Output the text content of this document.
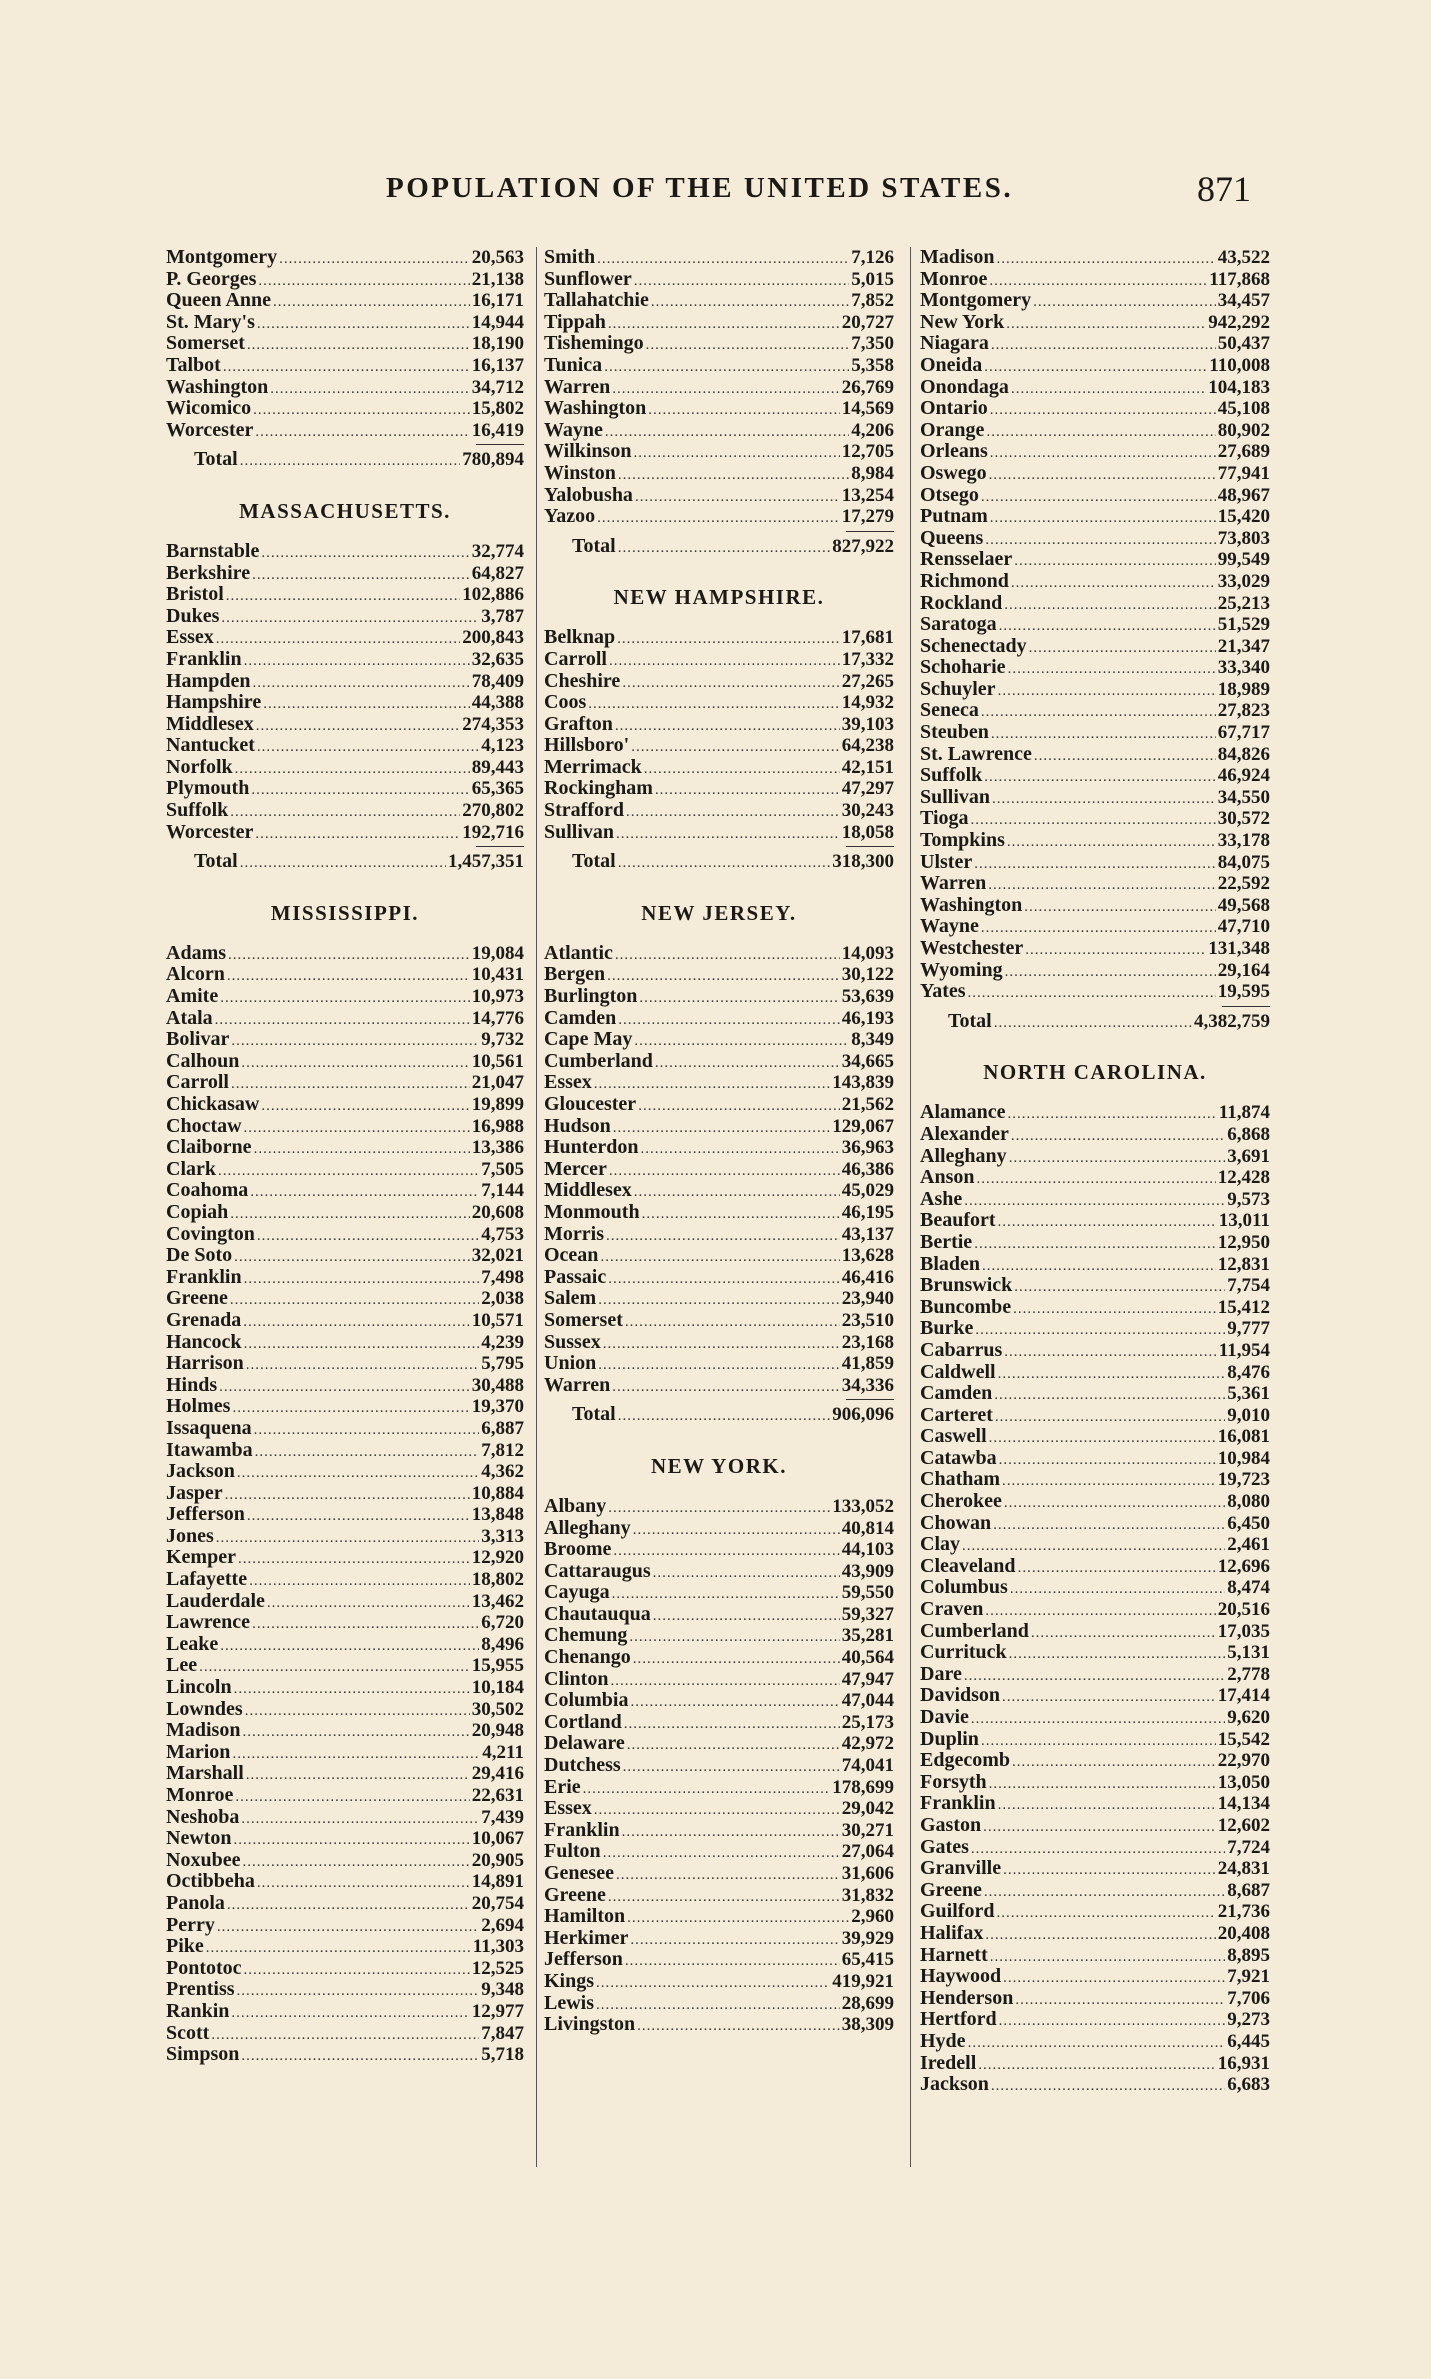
POPULATION OF THE UNITED STATES.	871
Montgomery .....	20,563
P. Georges .....	21,138
Queen Anne .....	16,171
St. Mary's .....	14,944
Somerset .....	18,190
Talbot .....	16,137
Washington .....	34,712
Wicomico .....	15,802
Worcester .....	16,419
Total .....	780,894
MASSACHUSETTS.
Barnstable .....	32,774
Berkshire .....	64,827
Bristol .....	102,886
Dukes .....	3,787
Essex .....	200,843
Franklin .....	32,635
Hampden .....	78,409
Hampshire .....	44,388
Middlesex .....	274,353
Nantucket .....	4,123
Norfolk .....	89,443
Plymouth .....	65,365
Suffolk .....	270,802
Worcester .....	192,716
Total .....	1,457,351
MISSISSIPPI.
Adams .....	19,084
Alcorn .....	10,431
Amite .....	10,973
Atala .....	14,776
Bolivar .....	9,732
Calhoun .....	10,561
Carroll .....	21,047
Chickasaw .....	19,899
Choctaw .....	16,988
Claiborne .....	13,386
Clark .....	7,505
Coahoma .....	7,144
Copiah .....	20,608
Covington .....	4,753
De Soto .....	32,021
Franklin .....	7,498
Greene .....	2,038
Grenada .....	10,571
Hancock .....	4,239
Harrison .....	5,795
Hinds .....	30,488
Holmes .....	19,370
Issaquena .....	6,887
Itawamba .....	7,812
Jackson .....	4,362
Jasper .....	10,884
Jefferson .....	13,848
Jones .....	3,313
Kemper .....	12,920
Lafayette .....	18,802
Lauderdale .....	13,462
Lawrence .....	6,720
Leake .....	8,496
Lee .....	15,955
Lincoln .....	10,184
Lowndes .....	30,502
Madison .....	20,948
Marion .....	4,211
Marshall .....	29,416
Monroe .....	22,631
Neshoba .....	7,439
Newton .....	10,067
Noxubee .....	20,905
Octibbeha .....	14,891
Panola .....	20,754
Perry .....	2,694
Pike .....	11,303
Pontotoc .....	12,525
Prentiss .....	9,348
Rankin .....	12,977
Scott .....	7,847
Simpson .....	5,718
Smith .....	7,126
Sunflower .....	5,015
Tallahatchie .....	7,852
Tippah .....	20,727
Tishemingo .....	7,350
Tunica .....	5,358
Warren .....	26,769
Washington .....	14,569
Wayne .....	4,206
Wilkinson .....	12,705
Winston .....	8,984
Yalobusha .....	13,254
Yazoo .....	17,279
Total .....	827,922
NEW HAMPSHIRE.
Belknap .....	17,681
Carroll .....	17,332
Cheshire .....	27,265
Coos .....	14,932
Grafton .....	39,103
Hillsboro' .....	64,238
Merrimack .....	42,151
Rockingham .....	47,297
Strafford .....	30,243
Sullivan .....	18,058
Total .....	318,300
NEW JERSEY.
Atlantic .....	14,093
Bergen .....	30,122
Burlington .....	53,639
Camden .....	46,193
Cape May .....	8,349
Cumberland .....	34,665
Essex .....	143,839
Gloucester .....	21,562
Hudson .....	129,067
Hunterdon .....	36,963
Mercer .....	46,386
Middlesex .....	45,029
Monmouth .....	46,195
Morris .....	43,137
Ocean .....	13,628
Passaic .....	46,416
Salem .....	23,940
Somerset .....	23,510
Sussex .....	23,168
Union .....	41,859
Warren .....	34,336
Total .....	906,096
NEW YORK.
Albany .....	133,052
Alleghany .....	40,814
Broome .....	44,103
Cattaraugus .....	43,909
Cayuga .....	59,550
Chautauqua .....	59,327
Chemung .....	35,281
Chenango .....	40,564
Clinton .....	47,947
Columbia .....	47,044
Cortland .....	25,173
Delaware .....	42,972
Dutchess .....	74,041
Erie .....	178,699
Essex .....	29,042
Franklin .....	30,271
Fulton .....	27,064
Genesee .....	31,606
Greene .....	31,832
Hamilton .....	2,960
Herkimer .....	39,929
Jefferson .....	65,415
Kings .....	419,921
Lewis .....	28,699
Livingston .....	38,309
Madison .....	43,522
Monroe .....	117,868
Montgomery .....	34,457
New York .....	942,292
Niagara .....	50,437
Oneida .....	110,008
Onondaga .....	104,183
Ontario .....	45,108
Orange .....	80,902
Orleans .....	27,689
Oswego .....	77,941
Otsego .....	48,967
Putnam .....	15,420
Queens .....	73,803
Rensselaer .....	99,549
Richmond .....	33,029
Rockland .....	25,213
Saratoga .....	51,529
Schenectady .....	21,347
Schoharie .....	33,340
Schuyler .....	18,989
Seneca .....	27,823
Steuben .....	67,717
St. Lawrence .....	84,826
Suffolk .....	46,924
Sullivan .....	34,550
Tioga .....	30,572
Tompkins .....	33,178
Ulster .....	84,075
Warren .....	22,592
Washington .....	49,568
Wayne .....	47,710
Westchester .....	131,348
Wyoming .....	29,164
Yates .....	19,595
Total .....	4,382,759
NORTH CAROLINA.
Alamance .....	11,874
Alexander .....	6,868
Alleghany .....	3,691
Anson .....	12,428
Ashe .....	9,573
Beaufort .....	13,011
Bertie .....	12,950
Bladen .....	12,831
Brunswick .....	7,754
Buncombe .....	15,412
Burke .....	9,777
Cabarrus .....	11,954
Caldwell .....	8,476
Camden .....	5,361
Carteret .....	9,010
Caswell .....	16,081
Catawba .....	10,984
Chatham .....	19,723
Cherokee .....	8,080
Chowan .....	6,450
Clay .....	2,461
Cleaveland .....	12,696
Columbus .....	8,474
Craven .....	20,516
Cumberland .....	17,035
Currituck .....	5,131
Dare .....	2,778
Davidson .....	17,414
Davie .....	9,620
Duplin .....	15,542
Edgecomb .....	22,970
Forsyth .....	13,050
Franklin .....	14,134
Gaston .....	12,602
Gates .....	7,724
Granville .....	24,831
Greene .....	8,687
Guilford .....	21,736
Halifax .....	20,408
Harnett .....	8,895
Haywood .....	7,921
Henderson .....	7,706
Hertford .....	9,273
Hyde .....	6,445
Iredell .....	16,931
Jackson .....	6,683
